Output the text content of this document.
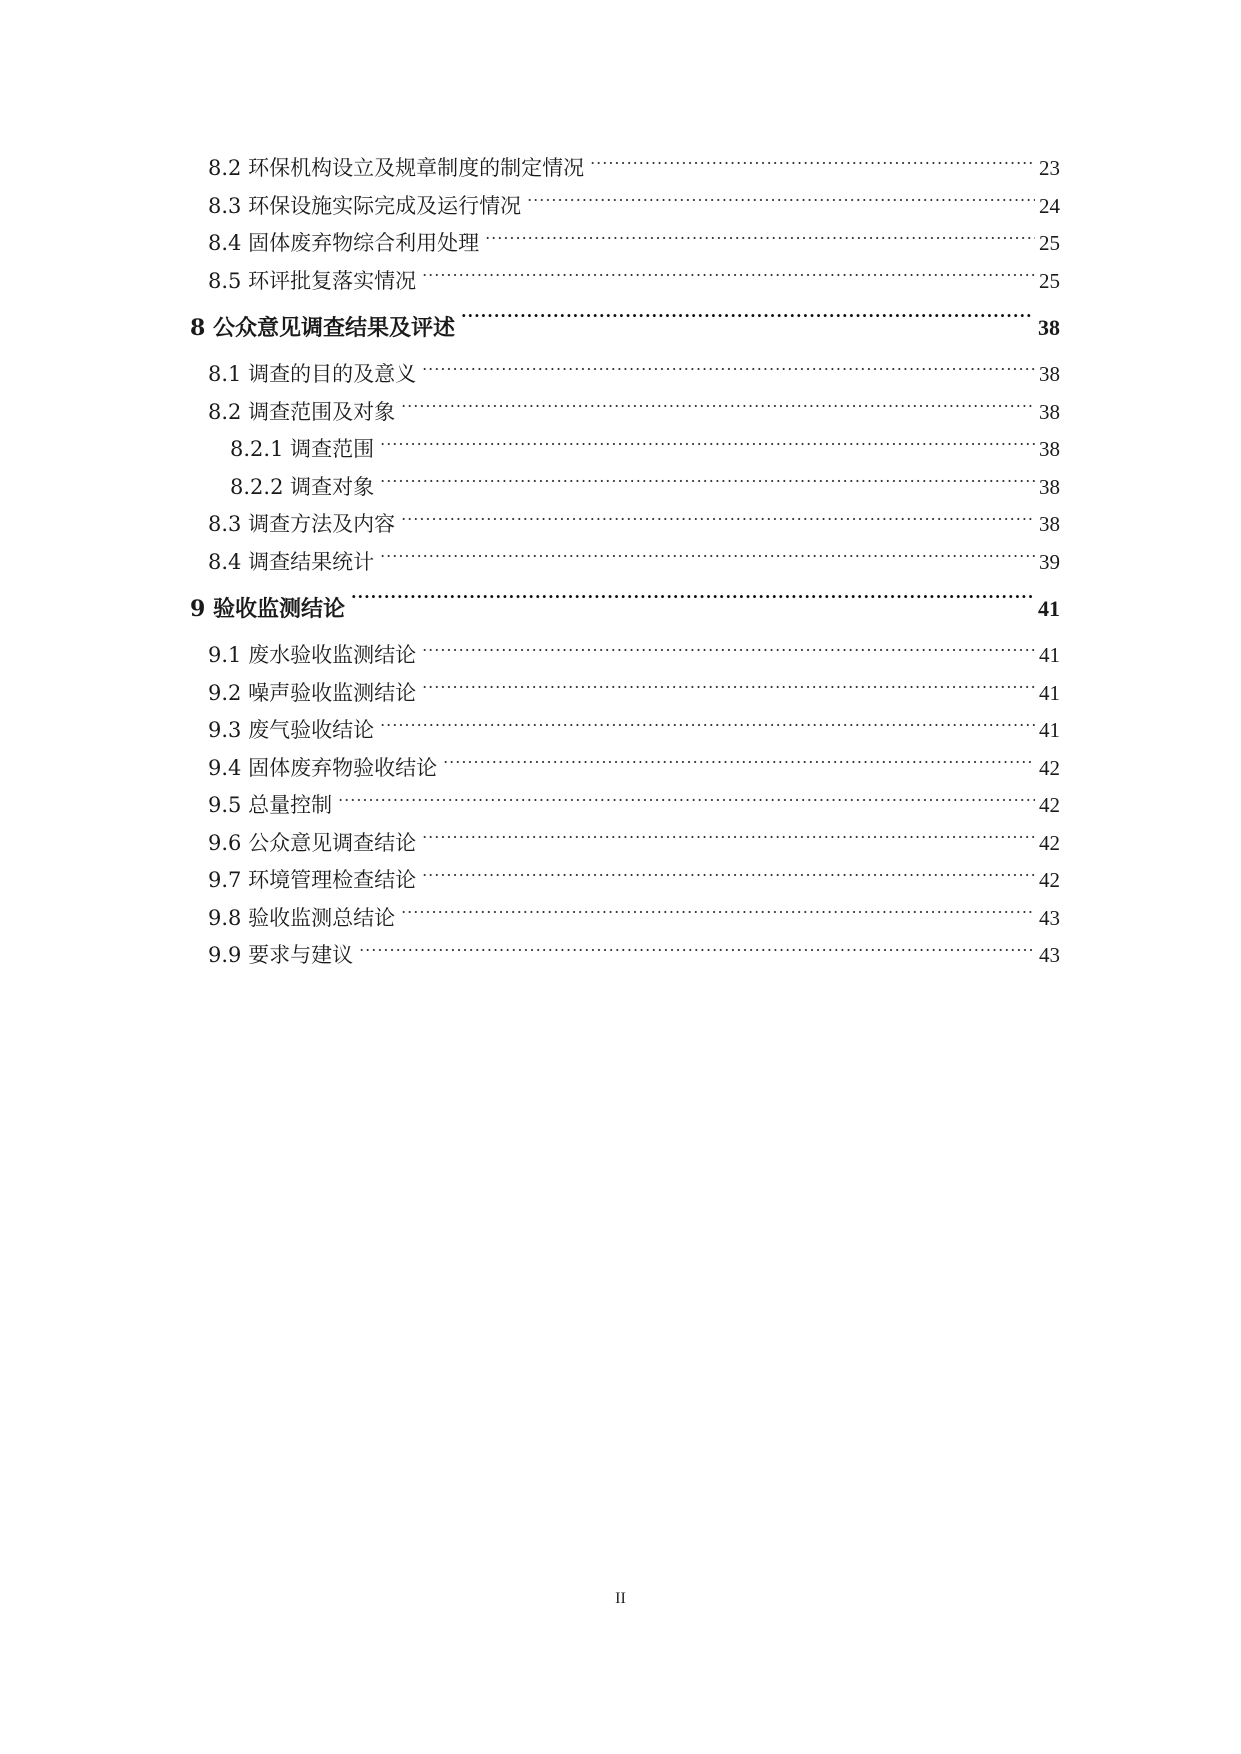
8.2 环保机构设立及规章制度的制定情况 .....	23
8.3 环保设施实际完成及运行情况 .....	24
8.4 固体废弃物综合利用处理 .....	25
8.5 环评批复落实情况 .....	25
8 公众意见调查结果及评述 .....	38
8.1 调查的目的及意义 .....	38
8.2 调查范围及对象 .....	38
8.2.1 调查范围 .....	38
8.2.2 调查对象 .....	38
8.3 调查方法及内容 .....	38
8.4 调查结果统计 .....	39
9 验收监测结论 .....	41
9.1 废水验收监测结论 .....	41
9.2 噪声验收监测结论 .....	41
9.3 废气验收结论 .....	41
9.4 固体废弃物验收结论 .....	42
9.5 总量控制 .....	42
9.6 公众意见调查结论 .....	42
9.7 环境管理检查结论 .....	42
9.8 验收监测总结论 .....	43
9.9 要求与建议 .....	43
II
